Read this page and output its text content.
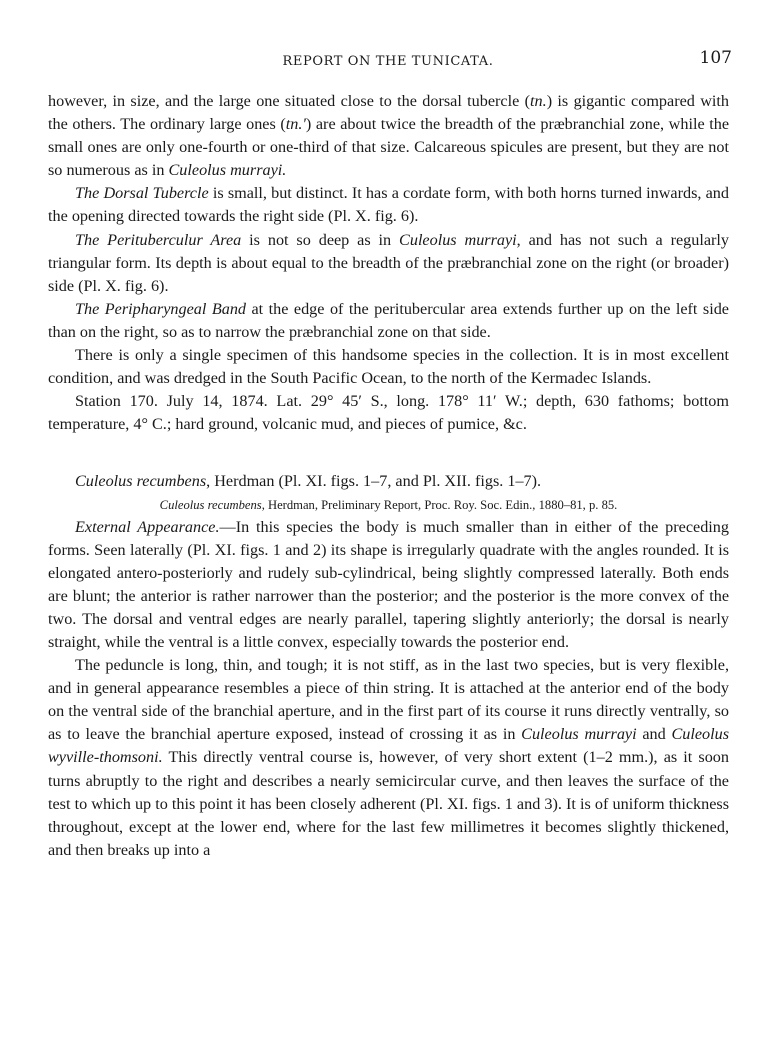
REPORT ON THE TUNICATA.	107

however, in size, and the large one situated close to the dorsal tubercle (tn.) is gigantic compared with the others. The ordinary large ones (tn.') are about twice the breadth of the præbranchial zone, while the small ones are only one-fourth or one-third of that size. Calcareous spicules are present, but they are not so numerous as in Culeolus murrayi.

The Dorsal Tubercle is small, but distinct. It has a cordate form, with both horns turned inwards, and the opening directed towards the right side (Pl. X. fig. 6).

The Perituberculur Area is not so deep as in Culeolus murrayi, and has not such a regularly triangular form. Its depth is about equal to the breadth of the præbranchial zone on the right (or broader) side (Pl. X. fig. 6).

The Peripharyngeal Band at the edge of the peritubercular area extends further up on the left side than on the right, so as to narrow the præbranchial zone on that side.

There is only a single specimen of this handsome species in the collection. It is in most excellent condition, and was dredged in the South Pacific Ocean, to the north of the Kermadec Islands.

Station 170. July 14, 1874. Lat. 29° 45′ S., long. 178° 11′ W.; depth, 630 fathoms; bottom temperature, 4° C.; hard ground, volcanic mud, and pieces of pumice, &c.

Culeolus recumbens, Herdman (Pl. XI. figs. 1–7, and Pl. XII. figs. 1–7).

Culeolus recumbens, Herdman, Preliminary Report, Proc. Roy. Soc. Edin., 1880–81, p. 85.

External Appearance.—In this species the body is much smaller than in either of the preceding forms. Seen laterally (Pl. XI. figs. 1 and 2) its shape is irregularly quadrate with the angles rounded. It is elongated antero-posteriorly and rudely sub-cylindrical, being slightly compressed laterally. Both ends are blunt; the anterior is rather narrower than the posterior; and the posterior is the more convex of the two. The dorsal and ventral edges are nearly parallel, tapering slightly anteriorly; the dorsal is nearly straight, while the ventral is a little convex, especially towards the posterior end.

The peduncle is long, thin, and tough; it is not stiff, as in the last two species, but is very flexible, and in general appearance resembles a piece of thin string. It is attached at the anterior end of the body on the ventral side of the branchial aperture, and in the first part of its course it runs directly ventrally, so as to leave the branchial aperture exposed, instead of crossing it as in Culeolus murrayi and Culeolus wyville-thomsoni. This directly ventral course is, however, of very short extent (1–2 mm.), as it soon turns abruptly to the right and describes a nearly semicircular curve, and then leaves the surface of the test to which up to this point it has been closely adherent (Pl. XI. figs. 1 and 3). It is of uniform thickness throughout, except at the lower end, where for the last few millimetres it becomes slightly thickened, and then breaks up into a
